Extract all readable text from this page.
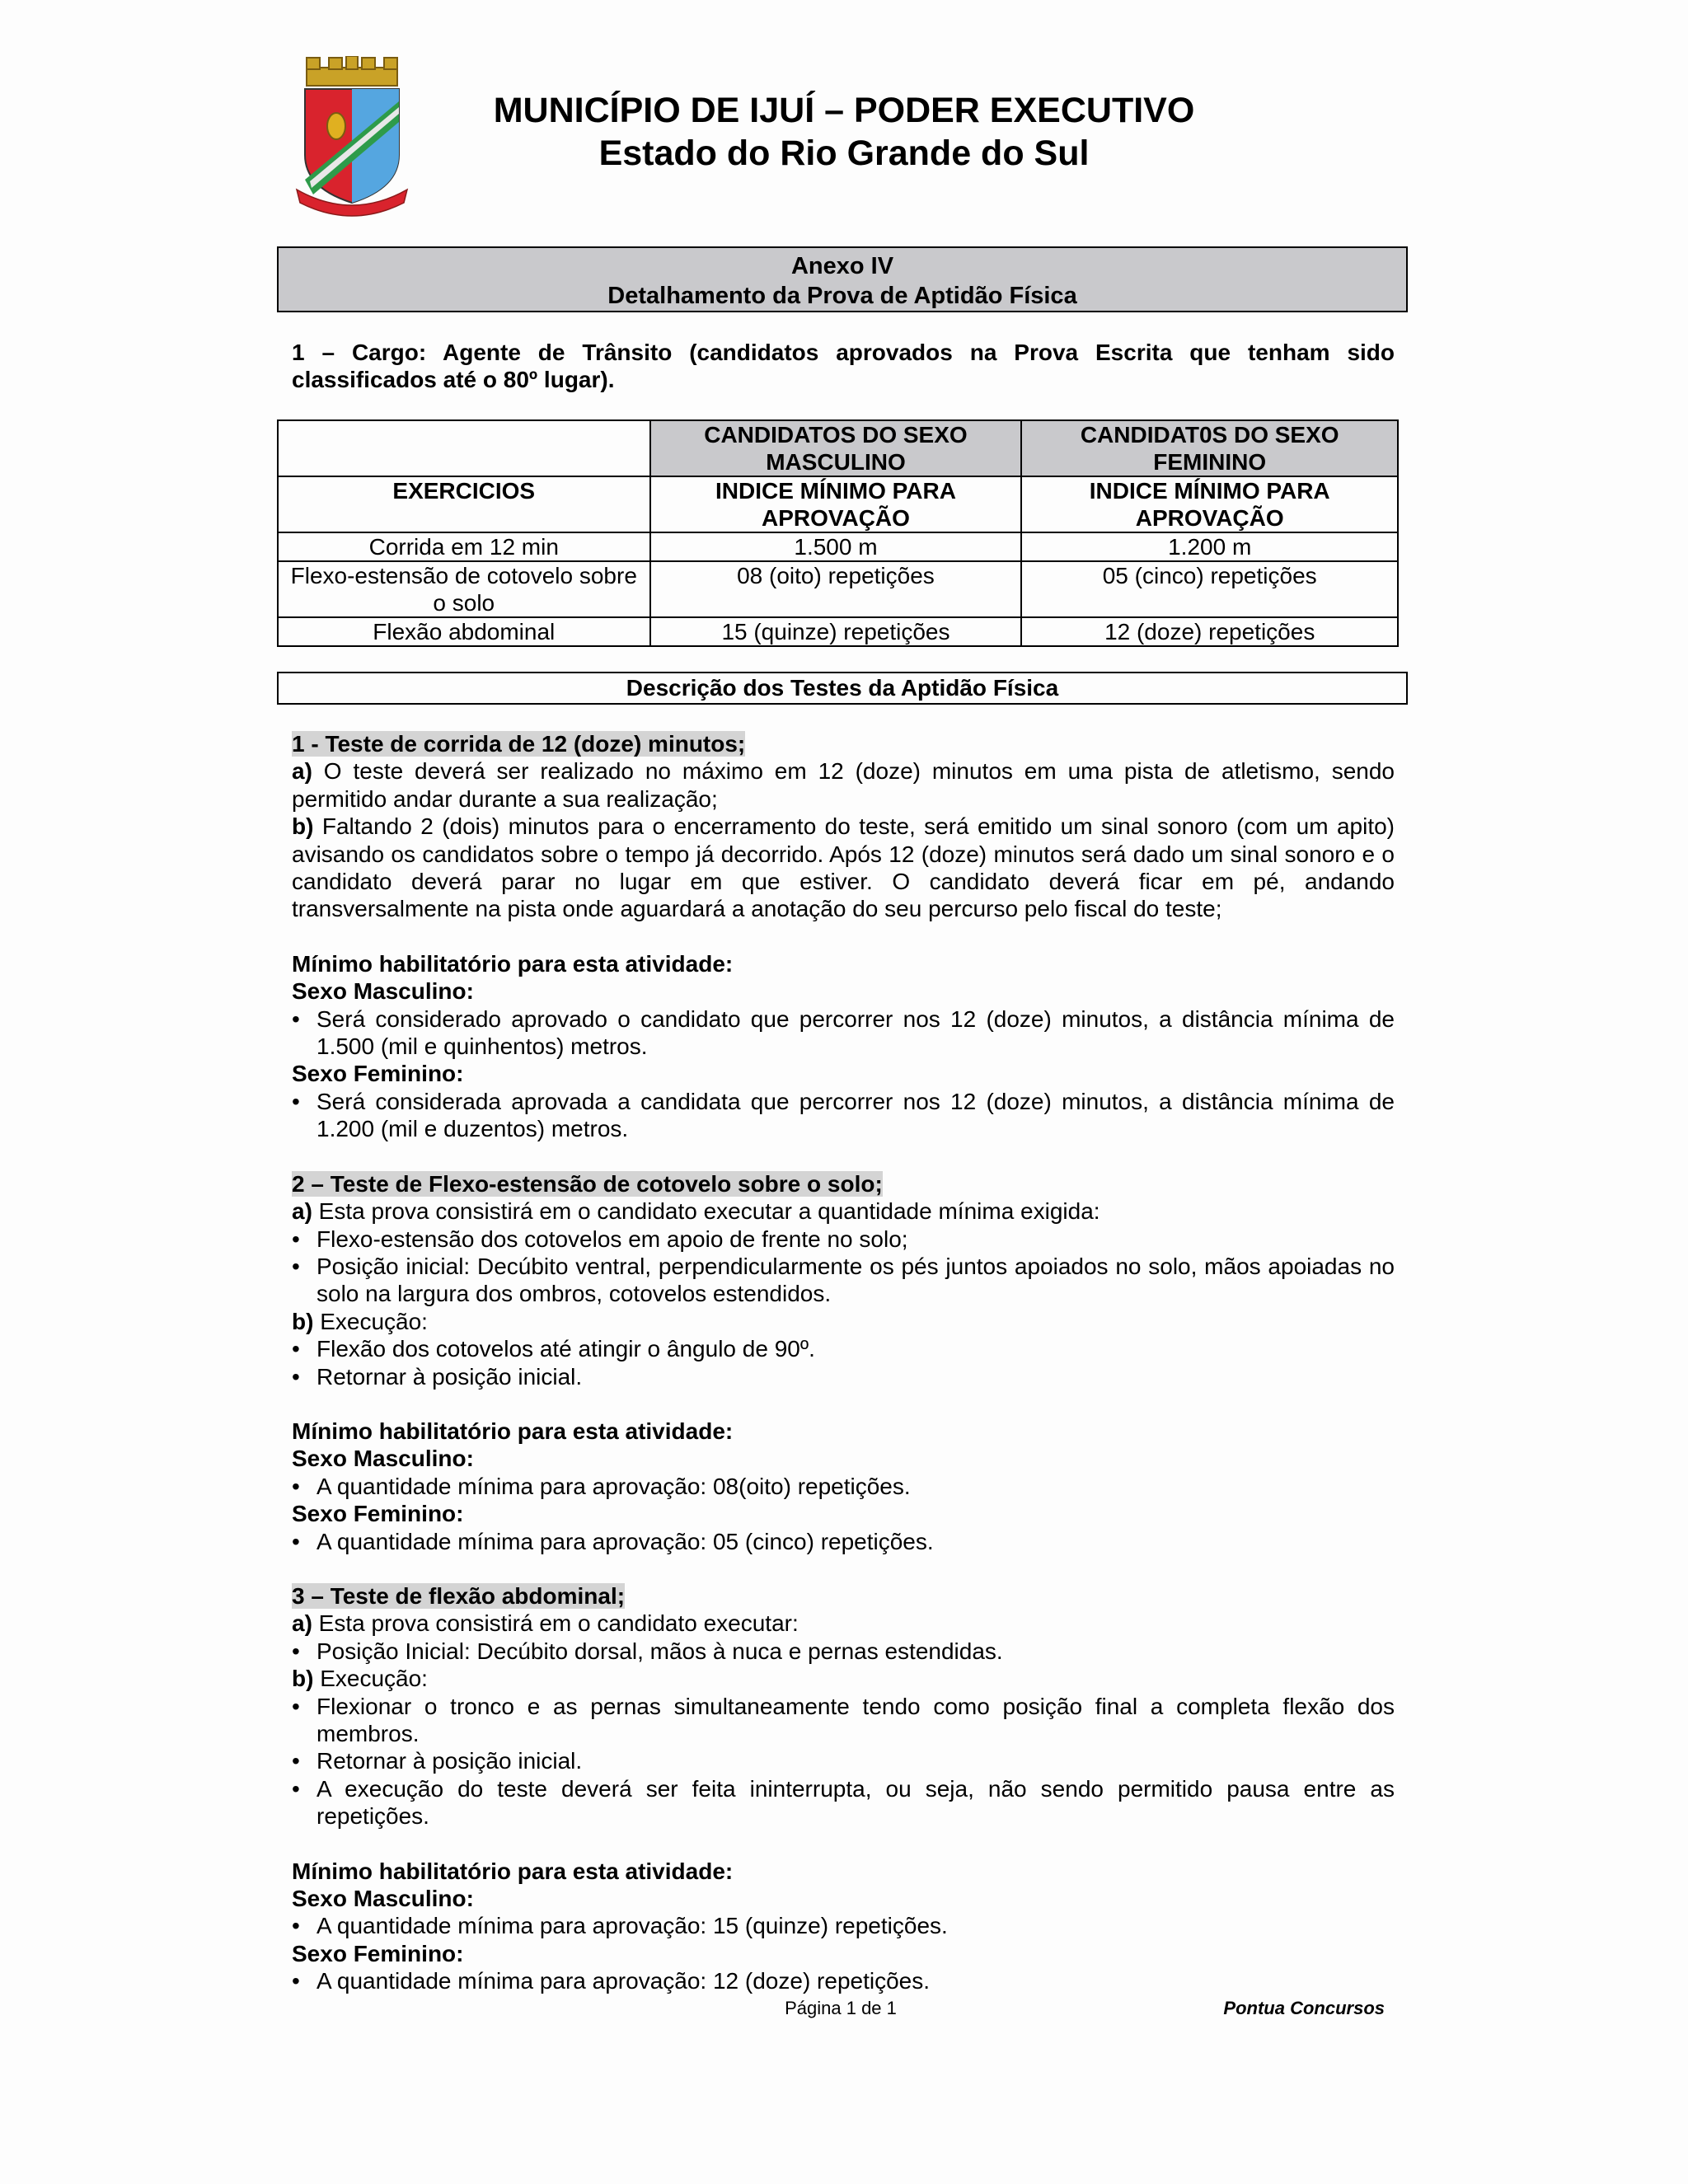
MUNICÍPIO DE IJUÍ – PODER EXECUTIVO
Estado do Rio Grande do Sul
Anexo IV
Detalhamento da Prova de Aptidão Física
1 – Cargo: Agente de Trânsito (candidatos aprovados na Prova Escrita que tenham sido classificados até o 80º lugar).
	CANDIDATOS DO SEXO MASCULINO	CANDIDAT0S DO SEXO FEMININO
EXERCICIOS	INDICE MÍNIMO PARA APROVAÇÃO	INDICE MÍNIMO PARA APROVAÇÃO
Corrida em 12 min	1.500 m	1.200 m
Flexo-estensão de cotovelo sobre o solo	08 (oito) repetições	05 (cinco) repetições
Flexão abdominal	15 (quinze) repetições	12 (doze) repetições
Descrição dos Testes da Aptidão Física

1 - Teste de corrida de 12 (doze) minutos;

a) O teste deverá ser realizado no máximo em 12 (doze) minutos em uma pista de atletismo, sendo permitido andar durante a sua realização;

b) Faltando 2 (dois) minutos para o encerramento do teste, será emitido um sinal sonoro (com um apito) avisando os candidatos sobre o tempo já decorrido. Após 12 (doze) minutos será dado um sinal sonoro e o candidato deverá parar no lugar em que estiver. O candidato deverá ficar em pé, andando transversalmente na pista onde aguardará a anotação do seu percurso pelo fiscal do teste;

Mínimo habilitatório para esta atividade:

Sexo Masculino:

• Será considerado aprovado o candidato que percorrer nos 12 (doze) minutos, a distância mínima de 1.500 (mil e quinhentos) metros.

Sexo Feminino:

• Será considerada aprovada a candidata que percorrer nos 12 (doze) minutos, a distância mínima de 1.200 (mil e duzentos) metros.

2 – Teste de Flexo-estensão de cotovelo sobre o solo;

a) Esta prova consistirá em o candidato executar a quantidade mínima exigida:

• Flexo-estensão dos cotovelos em apoio de frente no solo;

• Posição inicial: Decúbito ventral, perpendicularmente os pés juntos apoiados no solo, mãos apoiadas no solo na largura dos ombros, cotovelos estendidos.

b) Execução:

• Flexão dos cotovelos até atingir o ângulo de 90º.

• Retornar à posição inicial.

Mínimo habilitatório para esta atividade:

Sexo Masculino:

• A quantidade mínima para aprovação: 08(oito) repetições.

Sexo Feminino:

• A quantidade mínima para aprovação: 05 (cinco) repetições.

3 – Teste de flexão abdominal;

a) Esta prova consistirá em o candidato executar:

• Posição Inicial: Decúbito dorsal, mãos à nuca e pernas estendidas.

b) Execução:

• Flexionar o tronco e as pernas simultaneamente tendo como posição final a completa flexão dos membros.

• Retornar à posição inicial.

• A execução do teste deverá ser feita ininterrupta, ou seja, não sendo permitido pausa entre as repetições.

Mínimo habilitatório para esta atividade:

Sexo Masculino:

• A quantidade mínima para aprovação: 15 (quinze) repetições.

Sexo Feminino:

• A quantidade mínima para aprovação: 12 (doze) repetições.

Página 1 de 1	Pontua Concursos
